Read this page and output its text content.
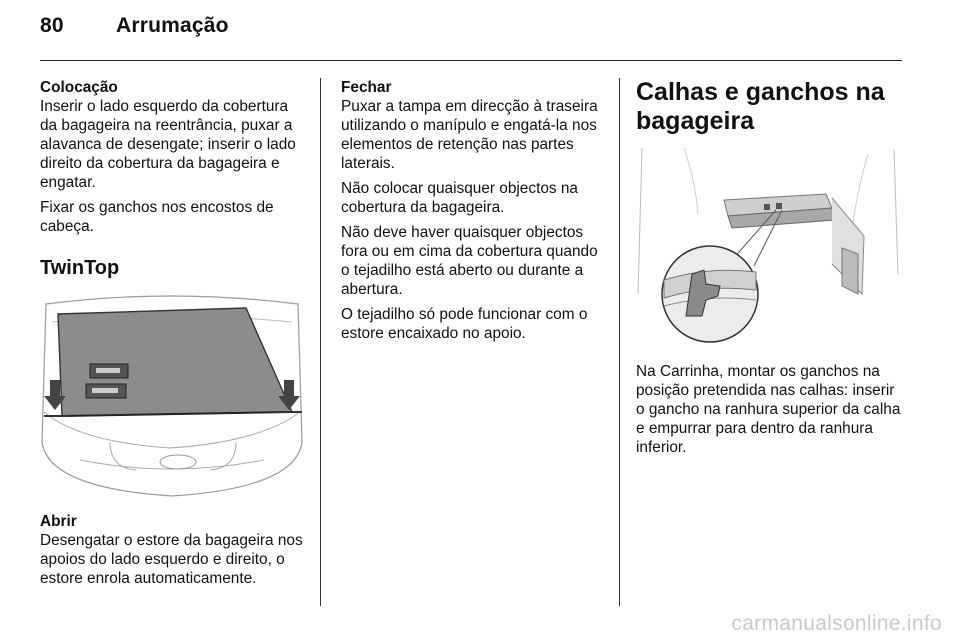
80 Arrumação
Colocação

Inserir o lado esquerdo da cobertura da bagageira na reentrância, puxar a alavanca de desengate; inserir o lado direito da cobertura da bagageira e engatar.

Fixar os ganchos nos encostos de cabeça.

TwinTop
Abrir

Desengatar o estore da bagageira nos apoios do lado esquerdo e direito, o estore enrola automaticamente.

Fechar

Puxar a tampa em direcção à traseira utilizando o manípulo e engatá-la nos elementos de retenção nas partes laterais.

Não colocar quaisquer objectos na cobertura da bagageira.

Não deve haver quaisquer objectos fora ou em cima da cobertura quando o tejadilho está aberto ou durante a abertura.

O tejadilho só pode funcionar com o estore encaixado no apoio.

Calhas e ganchos na bagageira

Na Carrinha, montar os ganchos na posição pretendida nas calhas: inserir o gancho na ranhura superior da calha e empurrar para dentro da ranhura inferior.

carmanualsonline.info
